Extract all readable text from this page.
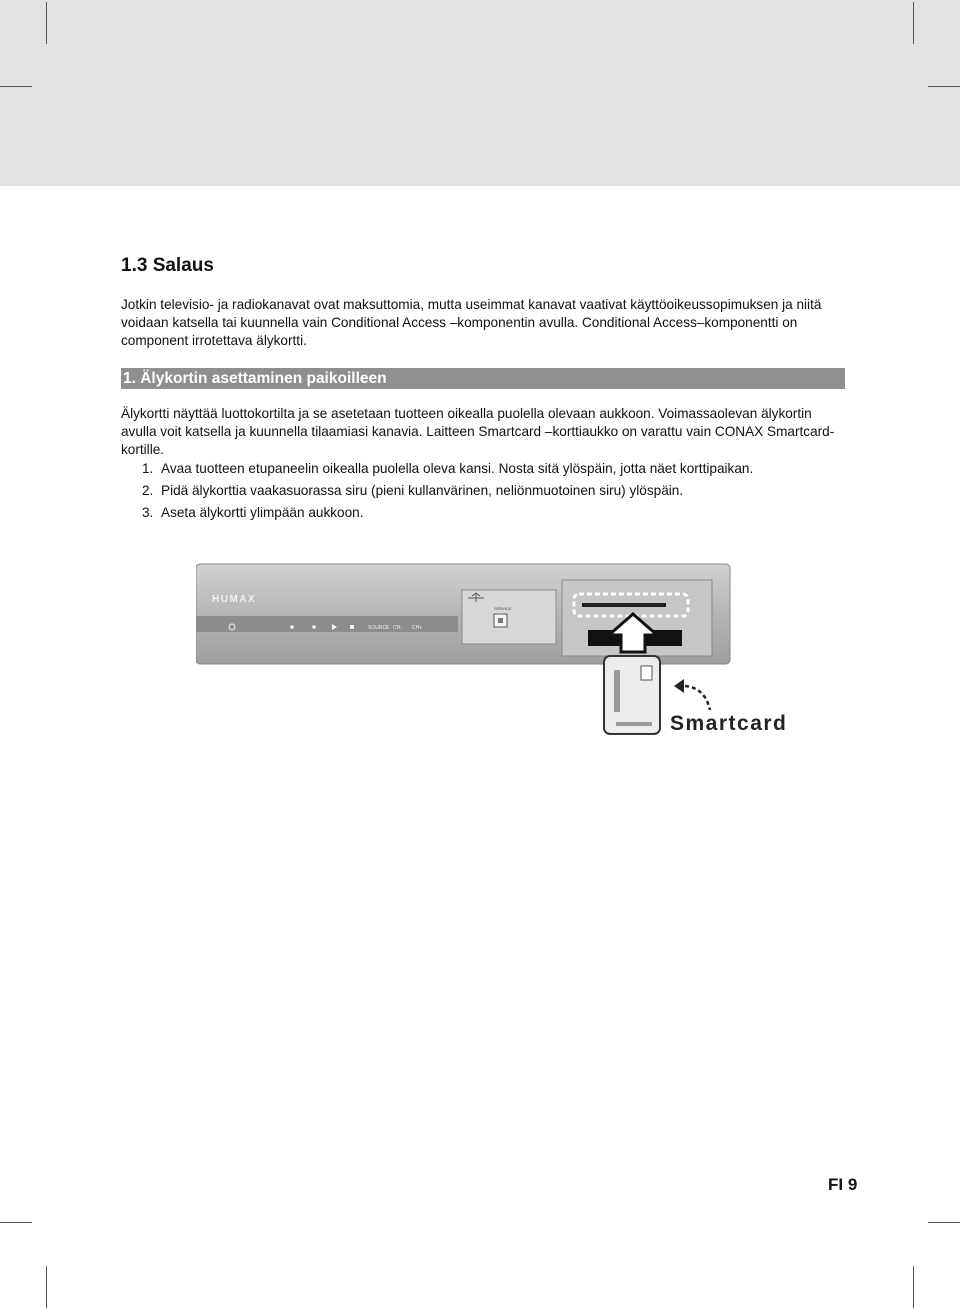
1.3 Salaus

Jotkin televisio- ja radiokanavat ovat maksuttomia, mutta useimmat kanavat vaativat käyttöoikeussopimuksen ja niitä voidaan katsella tai kuunnella vain Conditional Access –komponentin avulla. Conditional Access–komponentti on component irrotettava älykortti.

1. Älykortin asettaminen paikoilleen

Älykortti näyttää luottokortilta ja se asetetaan tuotteen oikealla puolella olevaan aukkoon. Voimassaolevan älykortin avulla voit katsella ja kuunnella tilaamiasi kanavia. Laitteen Smartcard –korttiaukko on varattu vain CONAX Smartcard-kortille.

1. Avaa tuotteen etupaneelin oikealla puolella oleva kansi. Nosta sitä ylöspäin, jotta näet korttipaikan.
2. Pidä älykorttia vaakasuorassa siru (pieni kullanvärinen, neliönmuotoinen siru) ylöspäin.
3. Aseta älykortti ylimpään aukkoon.
HUMAX
SOURCE CH- CH+
SERVICE
Smartcard
FI 9
